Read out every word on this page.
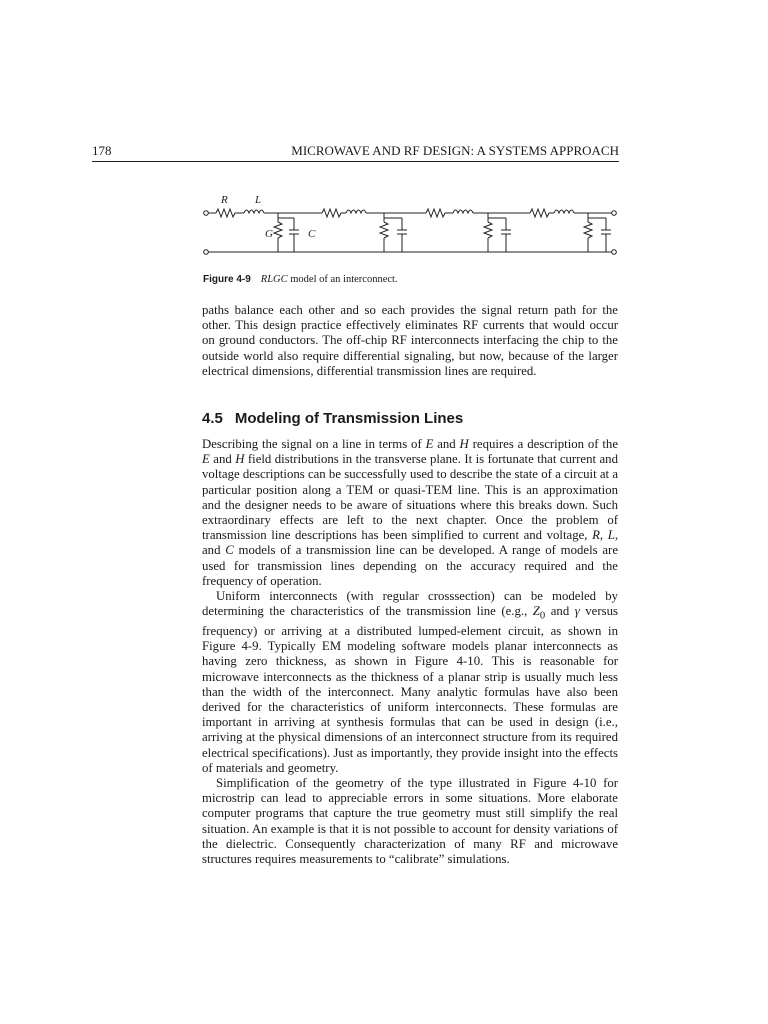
178	MICROWAVE AND RF DESIGN: A SYSTEMS APPROACH
R L
G	C
Figure 4-9 RLGC model of an interconnect.

paths balance each other and so each provides the signal return path for the other. This design practice effectively eliminates RF currents that would occur on ground conductors. The off-chip RF interconnects interfacing the chip to the outside world also require differential signaling, but now, because of the larger electrical dimensions, differential transmission lines are required.

4.5 Modeling of Transmission Lines

Describing the signal on a line in terms of E and H requires a description of the E and H field distributions in the transverse plane. It is fortunate that current and voltage descriptions can be successfully used to describe the state of a circuit at a particular position along a TEM or quasi-TEM line. This is an approximation and the designer needs to be aware of situations where this breaks down. Such extraordinary effects are left to the next chapter. Once the problem of transmission line descriptions has been simplified to current and voltage, R, L, and C models of a transmission line can be developed. A range of models are used for transmission lines depending on the accuracy required and the frequency of operation.

Uniform interconnects (with regular crosssection) can be modeled by determining the characteristics of the transmission line (e.g., $Z_0$ and γ versus frequency) or arriving at a distributed lumped-element circuit, as shown in Figure 4-9. Typically EM modeling software models planar interconnects as having zero thickness, as shown in Figure 4-10. This is reasonable for microwave interconnects as the thickness of a planar strip is usually much less than the width of the interconnect. Many analytic formulas have also been derived for the characteristics of uniform interconnects. These formulas are important in arriving at synthesis formulas that can be used in design (i.e., arriving at the physical dimensions of an interconnect structure from its required electrical specifications). Just as importantly, they provide insight into the effects of materials and geometry.

Simplification of the geometry of the type illustrated in Figure 4-10 for microstrip can lead to appreciable errors in some situations. More elaborate computer programs that capture the true geometry must still simplify the real situation. An example is that it is not possible to account for density variations of the dielectric. Consequently characterization of many RF and microwave structures requires measurements to “calibrate” simulations.
